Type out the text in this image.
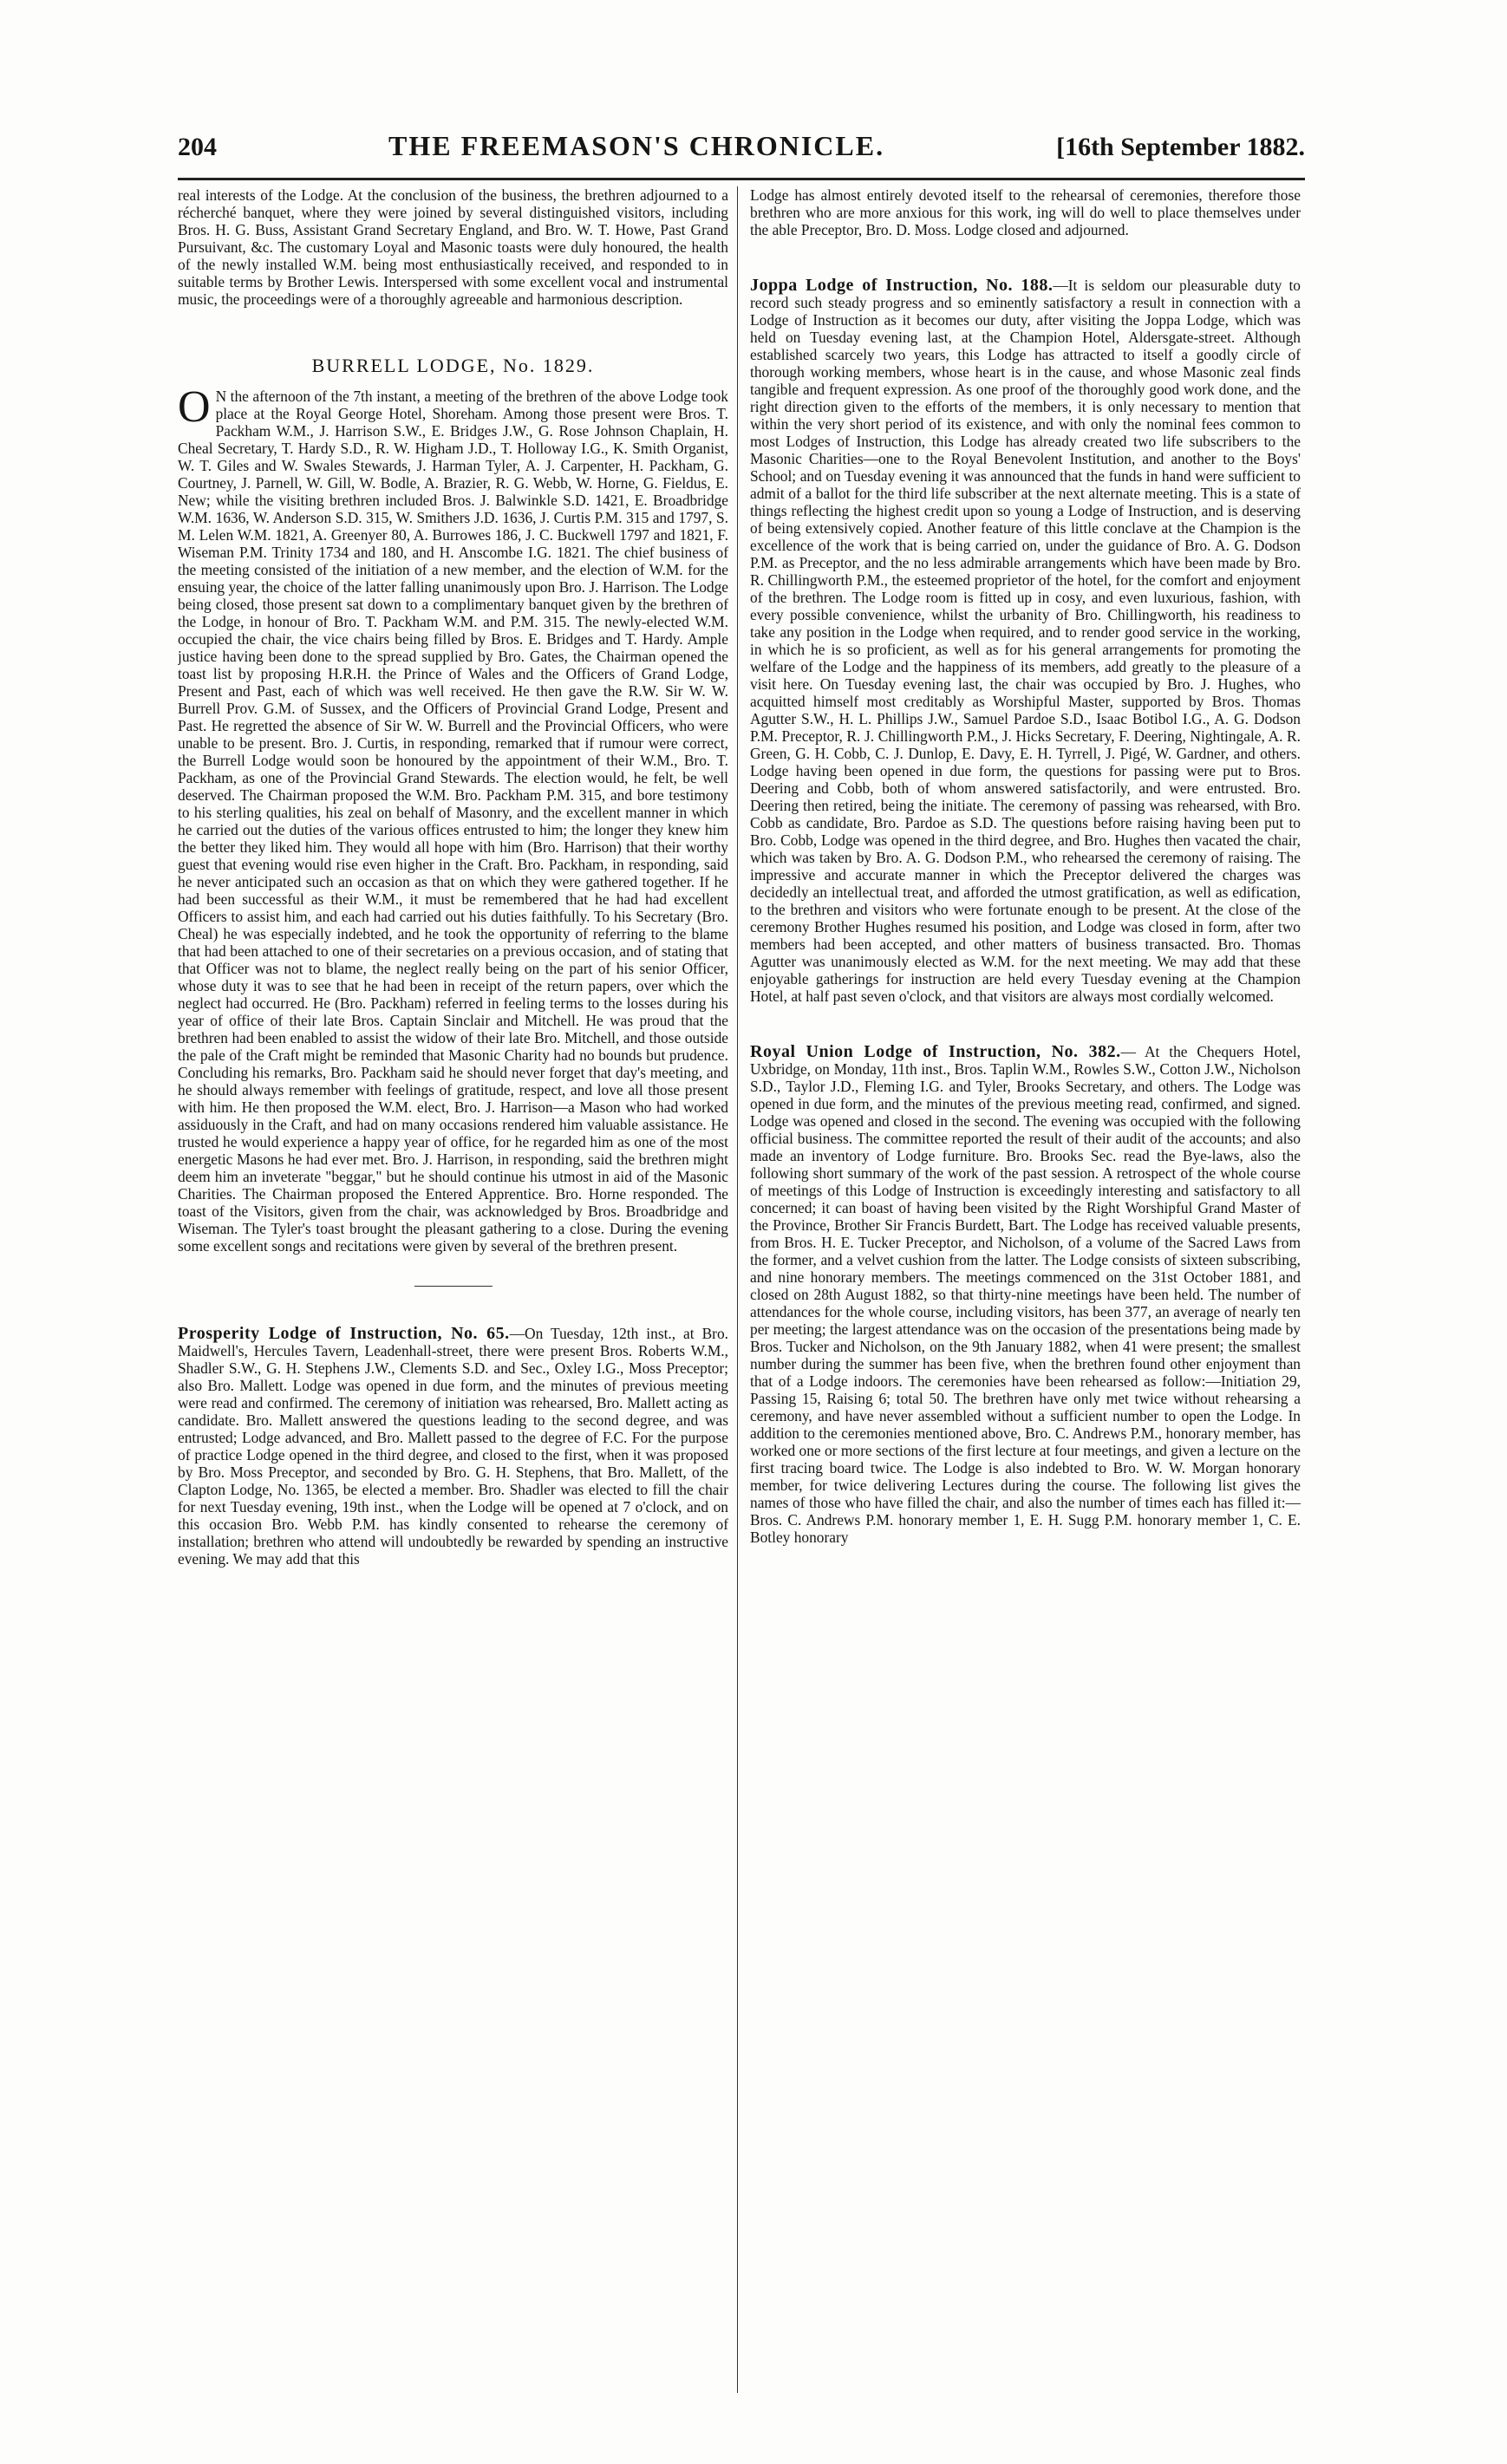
204	THE FREEMASON'S CHRONICLE.	[16th September 1882.

real interests of the Lodge. At the conclusion of the business, the brethren adjourned to a récherché banquet, where they were joined by several distinguished visitors, including Bros. H. G. Buss, Assistant Grand Secretary England, and Bro. W. T. Howe, Past Grand Pursuivant, &c. The customary Loyal and Masonic toasts were duly honoured, the health of the newly installed W.M. being most enthusiastically received, and responded to in suitable terms by Brother Lewis. Interspersed with some excellent vocal and instrumental music, the proceedings were of a thoroughly agreeable and harmonious description.

BURRELL LODGE, No. 1829.

O N the afternoon of the 7th instant, a meeting of the brethren of the above Lodge took place at the Royal George Hotel, Shoreham. Among those present were Bros. T. Packham W.M., J. Harrison S.W., E. Bridges J.W., G. Rose Johnson Chaplain, H. Cheal Secretary, T. Hardy S.D., R. W. Higham J.D., T. Holloway I.G., K. Smith Organist, W. T. Giles and W. Swales Stewards, J. Harman Tyler, A. J. Carpenter, H. Packham, G. Courtney, J. Parnell, W. Gill, W. Bodle, A. Brazier, R. G. Webb, W. Horne, G. Fieldus, E. New; while the visiting brethren included Bros. J. Balwinkle S.D. 1421, E. Broadbridge W.M. 1636, W. Anderson S.D. 315, W. Smithers J.D. 1636, J. Curtis P.M. 315 and 1797, S. M. Lelen W.M. 1821, A. Greenyer 80, A. Burrowes 186, J. C. Buckwell 1797 and 1821, F. Wiseman P.M. Trinity 1734 and 180, and H. Anscombe I.G. 1821. The chief business of the meeting consisted of the initiation of a new member, and the election of W.M. for the ensuing year, the choice of the latter falling unanimously upon Bro. J. Harrison. The Lodge being closed, those present sat down to a complimentary banquet given by the brethren of the Lodge, in honour of Bro. T. Packham W.M. and P.M. 315. The newly-elected W.M. occupied the chair, the vice chairs being filled by Bros. E. Bridges and T. Hardy. Ample justice having been done to the spread supplied by Bro. Gates, the Chairman opened the toast list by proposing H.R.H. the Prince of Wales and the Officers of Grand Lodge, Present and Past, each of which was well received. He then gave the R.W. Sir W. W. Burrell Prov. G.M. of Sussex, and the Officers of Provincial Grand Lodge, Present and Past. He regretted the absence of Sir W. W. Burrell and the Provincial Officers, who were unable to be present. Bro. J. Curtis, in responding, remarked that if rumour were correct, the Burrell Lodge would soon be honoured by the appointment of their W.M., Bro. T. Packham, as one of the Provincial Grand Stewards. The election would, he felt, be well deserved. The Chairman proposed the W.M. Bro. Packham P.M. 315, and bore testimony to his sterling qualities, his zeal on behalf of Masonry, and the excellent manner in which he carried out the duties of the various offices entrusted to him; the longer they knew him the better they liked him. They would all hope with him (Bro. Harrison) that their worthy guest that evening would rise even higher in the Craft. Bro. Packham, in responding, said he never anticipated such an occasion as that on which they were gathered together. If he had been successful as their W.M., it must be remembered that he had had excellent Officers to assist him, and each had carried out his duties faithfully. To his Secretary (Bro. Cheal) he was especially indebted, and he took the opportunity of referring to the blame that had been attached to one of their secretaries on a previous occasion, and of stating that that Officer was not to blame, the neglect really being on the part of his senior Officer, whose duty it was to see that he had been in receipt of the return papers, over which the neglect had occurred. He (Bro. Packham) referred in feeling terms to the losses during his year of office of their late Bros. Captain Sinclair and Mitchell. He was proud that the brethren had been enabled to assist the widow of their late Bro. Mitchell, and those outside the pale of the Craft might be reminded that Masonic Charity had no bounds but prudence. Concluding his remarks, Bro. Packham said he should never forget that day's meeting, and he should always remember with feelings of gratitude, respect, and love all those present with him. He then proposed the W.M. elect, Bro. J. Harrison—a Mason who had worked assiduously in the Craft, and had on many occasions rendered him valuable assistance. He trusted he would experience a happy year of office, for he regarded him as one of the most energetic Masons he had ever met. Bro. J. Harrison, in responding, said the brethren might deem him an inveterate "beggar," but he should continue his utmost in aid of the Masonic Charities. The Chairman proposed the Entered Apprentice. Bro. Horne responded. The toast of the Visitors, given from the chair, was acknowledged by Bros. Broadbridge and Wiseman. The Tyler's toast brought the pleasant gathering to a close. During the evening some excellent songs and recitations were given by several of the brethren present.

Prosperity Lodge of Instruction, No. 65.—On Tuesday, 12th inst., at Bro. Maidwell's, Hercules Tavern, Leadenhall-street, there were present Bros. Roberts W.M., Shadler S.W., G. H. Stephens J.W., Clements S.D. and Sec., Oxley I.G., Moss Preceptor; also Bro. Mallett. Lodge was opened in due form, and the minutes of previous meeting were read and confirmed. The ceremony of initiation was rehearsed, Bro. Mallett acting as candidate. Bro. Mallett answered the questions leading to the second degree, and was entrusted; Lodge advanced, and Bro. Mallett passed to the degree of F.C. For the purpose of practice Lodge opened in the third degree, and closed to the first, when it was proposed by Bro. Moss Preceptor, and seconded by Bro. G. H. Stephens, that Bro. Mallett, of the Clapton Lodge, No. 1365, be elected a member. Bro. Shadler was elected to fill the chair for next Tuesday evening, 19th inst., when the Lodge will be opened at 7 o'clock, and on this occasion Bro. Webb P.M. has kindly consented to rehearse the ceremony of installation; brethren who attend will undoubtedly be rewarded by spending an instructive evening. We may add that this

Lodge has almost entirely devoted itself to the rehearsal of ceremonies, therefore those brethren who are more anxious for this work, ing will do well to place themselves under the able Preceptor, Bro. D. Moss. Lodge closed and adjourned.

Joppa Lodge of Instruction, No. 188.—It is seldom our pleasurable duty to record such steady progress and so eminently satisfactory a result in connection with a Lodge of Instruction as it becomes our duty, after visiting the Joppa Lodge, which was held on Tuesday evening last, at the Champion Hotel, Aldersgate-street. Although established scarcely two years, this Lodge has attracted to itself a goodly circle of thorough working members, whose heart is in the cause, and whose Masonic zeal finds tangible and frequent expression. As one proof of the thoroughly good work done, and the right direction given to the efforts of the members, it is only necessary to mention that within the very short period of its existence, and with only the nominal fees common to most Lodges of Instruction, this Lodge has already created two life subscribers to the Masonic Charities—one to the Royal Benevolent Institution, and another to the Boys' School; and on Tuesday evening it was announced that the funds in hand were sufficient to admit of a ballot for the third life subscriber at the next alternate meeting. This is a state of things reflecting the highest credit upon so young a Lodge of Instruction, and is deserving of being extensively copied. Another feature of this little conclave at the Champion is the excellence of the work that is being carried on, under the guidance of Bro. A. G. Dodson P.M. as Preceptor, and the no less admirable arrangements which have been made by Bro. R. Chillingworth P.M., the esteemed proprietor of the hotel, for the comfort and enjoyment of the brethren. The Lodge room is fitted up in cosy, and even luxurious, fashion, with every possible convenience, whilst the urbanity of Bro. Chillingworth, his readiness to take any position in the Lodge when required, and to render good service in the working, in which he is so proficient, as well as for his general arrangements for promoting the welfare of the Lodge and the happiness of its members, add greatly to the pleasure of a visit here. On Tuesday evening last, the chair was occupied by Bro. J. Hughes, who acquitted himself most creditably as Worshipful Master, supported by Bros. Thomas Agutter S.W., H. L. Phillips J.W., Samuel Pardoe S.D., Isaac Botibol I.G., A. G. Dodson P.M. Preceptor, R. J. Chillingworth P.M., J. Hicks Secretary, F. Deering, Nightingale, A. R. Green, G. H. Cobb, C. J. Dunlop, E. Davy, E. H. Tyrrell, J. Pigé, W. Gardner, and others. Lodge having been opened in due form, the questions for passing were put to Bros. Deering and Cobb, both of whom answered satisfactorily, and were entrusted. Bro. Deering then retired, being the initiate. The ceremony of passing was rehearsed, with Bro. Cobb as candidate, Bro. Pardoe as S.D. The questions before raising having been put to Bro. Cobb, Lodge was opened in the third degree, and Bro. Hughes then vacated the chair, which was taken by Bro. A. G. Dodson P.M., who rehearsed the ceremony of raising. The impressive and accurate manner in which the Preceptor delivered the charges was decidedly an intellectual treat, and afforded the utmost gratification, as well as edification, to the brethren and visitors who were fortunate enough to be present. At the close of the ceremony Brother Hughes resumed his position, and Lodge was closed in form, after two members had been accepted, and other matters of business transacted. Bro. Thomas Agutter was unanimously elected as W.M. for the next meeting. We may add that these enjoyable gatherings for instruction are held every Tuesday evening at the Champion Hotel, at half past seven o'clock, and that visitors are always most cordially welcomed.

Royal Union Lodge of Instruction, No. 382.— At the Chequers Hotel, Uxbridge, on Monday, 11th inst., Bros. Taplin W.M., Rowles S.W., Cotton J.W., Nicholson S.D., Taylor J.D., Fleming I.G. and Tyler, Brooks Secretary, and others. The Lodge was opened in due form, and the minutes of the previous meeting read, confirmed, and signed. Lodge was opened and closed in the second. The evening was occupied with the following official business. The committee reported the result of their audit of the accounts; and also made an inventory of Lodge furniture. Bro. Brooks Sec. read the Bye-laws, also the following short summary of the work of the past session. A retrospect of the whole course of meetings of this Lodge of Instruction is exceedingly interesting and satisfactory to all concerned; it can boast of having been visited by the Right Worshipful Grand Master of the Province, Brother Sir Francis Burdett, Bart. The Lodge has received valuable presents, from Bros. H. E. Tucker Preceptor, and Nicholson, of a volume of the Sacred Laws from the former, and a velvet cushion from the latter. The Lodge consists of sixteen subscribing, and nine honorary members. The meetings commenced on the 31st October 1881, and closed on 28th August 1882, so that thirty-nine meetings have been held. The number of attendances for the whole course, including visitors, has been 377, an average of nearly ten per meeting; the largest attendance was on the occasion of the presentations being made by Bros. Tucker and Nicholson, on the 9th January 1882, when 41 were present; the smallest number during the summer has been five, when the brethren found other enjoyment than that of a Lodge indoors. The ceremonies have been rehearsed as follow:—Initiation 29, Passing 15, Raising 6; total 50. The brethren have only met twice without rehearsing a ceremony, and have never assembled without a sufficient number to open the Lodge. In addition to the ceremonies mentioned above, Bro. C. Andrews P.M., honorary member, has worked one or more sections of the first lecture at four meetings, and given a lecture on the first tracing board twice. The Lodge is also indebted to Bro. W. W. Morgan honorary member, for twice delivering Lectures during the course. The following list gives the names of those who have filled the chair, and also the number of times each has filled it:—Bros. C. Andrews P.M. honorary member 1, E. H. Sugg P.M. honorary member 1, C. E. Botley honorary
